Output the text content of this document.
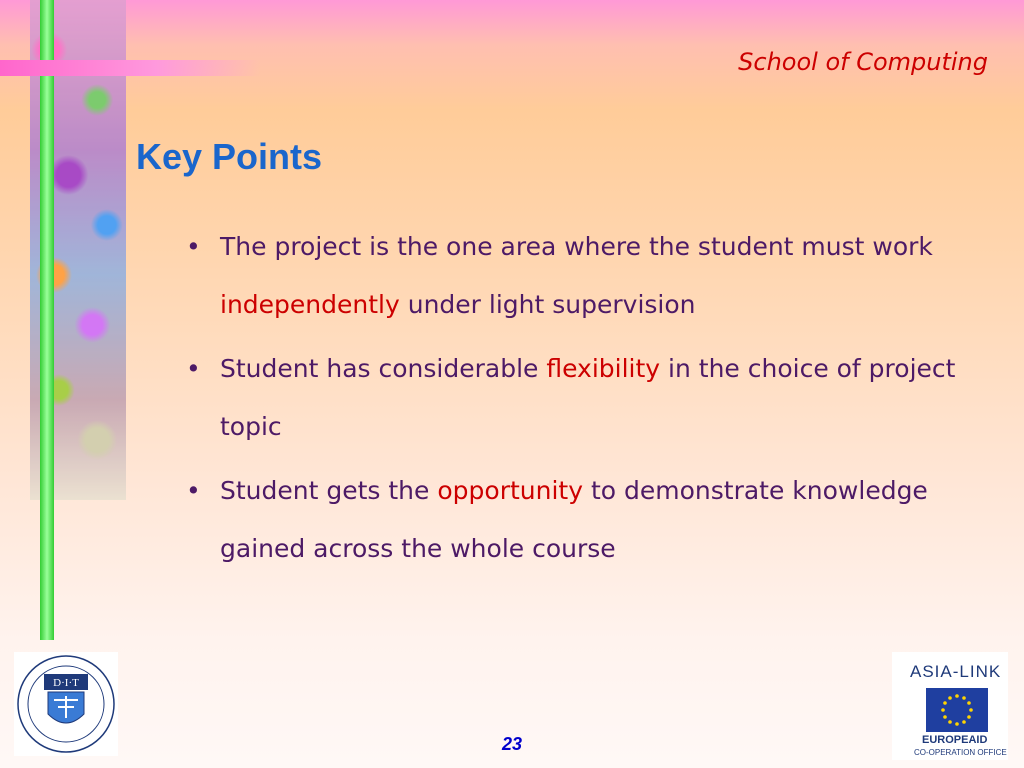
School of Computing
Key Points
• The project is the one area where the student must work independently under light supervision
• Student has considerable flexibility in the choice of project topic
• Student gets the opportunity to demonstrate knowledge gained across the whole course
D·I·T
ASIA-LINK
EUROPEAID
CO-OPERATION OFFICE
23
